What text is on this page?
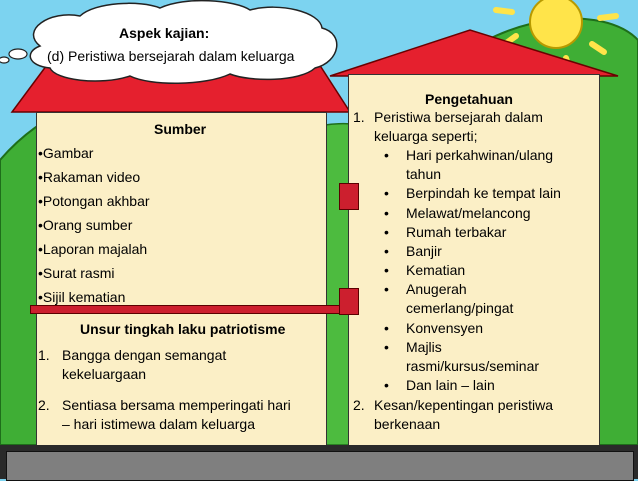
Aspek kajian:
(d) Peristiwa bersejarah dalam keluarga
Sumber
•Gambar
•Rakaman video
•Potongan akhbar
•Orang sumber
•Laporan majalah
•Surat rasmi
•Sijil kematian
Unsur tingkah laku patriotisme
1. Bangga dengan semangat
kekeluargaan
2. Sentiasa bersama memperingati hari
– hari istimewa dalam keluarga
Pengetahuan
1. Peristiwa bersejarah dalam
keluarga seperti;
• Hari perkahwinan/ulang
tahun
• Berpindah ke tempat lain
• Melawat/melancong
• Rumah terbakar
• Banjir
• Kematian
• Anugerah
cemerlang/pingat
• Konvensyen
• Majlis
rasmi/kursus/seminar
• Dan lain – lain
2. Kesan/kepentingan peristiwa
berkenaan
